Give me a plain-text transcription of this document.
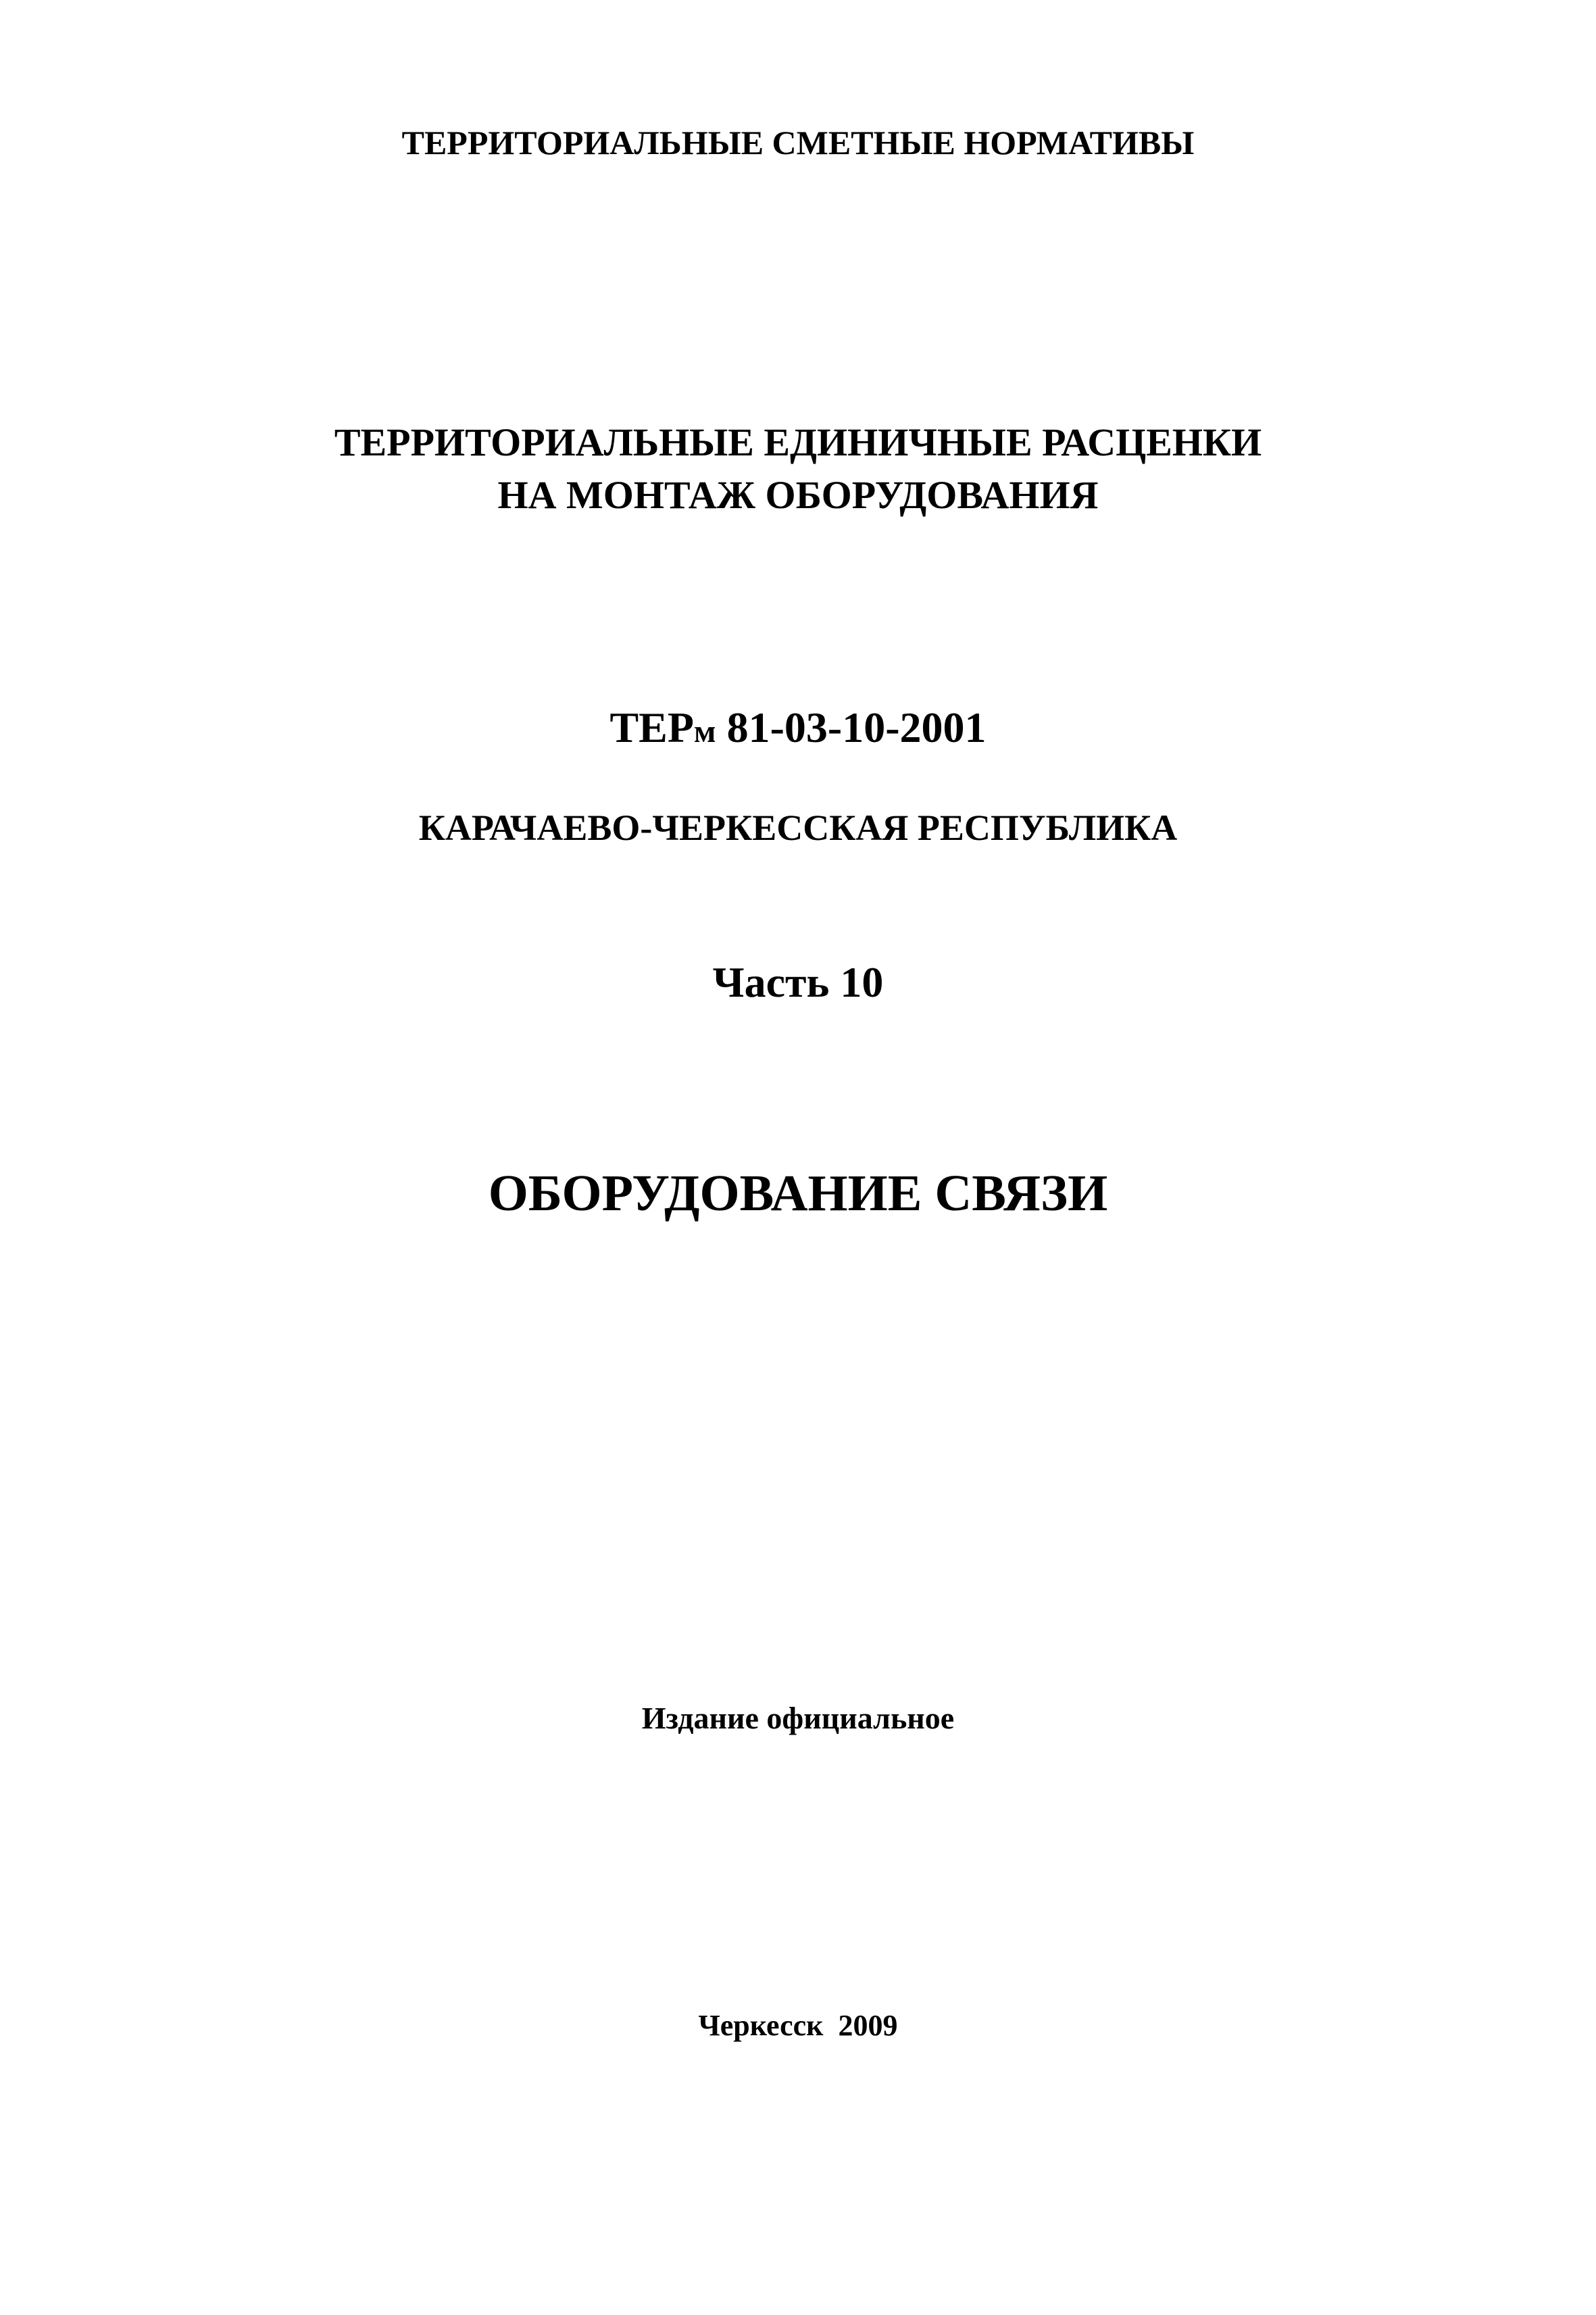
ТЕРРИТОРИАЛЬНЫЕ СМЕТНЫЕ НОРМАТИВЫ
ТЕРРИТОРИАЛЬНЫЕ ЕДИНИЧНЫЕ РАСЦЕНКИ
НА МОНТАЖ ОБОРУДОВАНИЯ
ТЕРм 81-03-10-2001
КАРАЧАЕВО-ЧЕРКЕССКАЯ РЕСПУБЛИКА
Часть 10
ОБОРУДОВАНИЕ СВЯЗИ
Издание официальное
Черкесск 2009
